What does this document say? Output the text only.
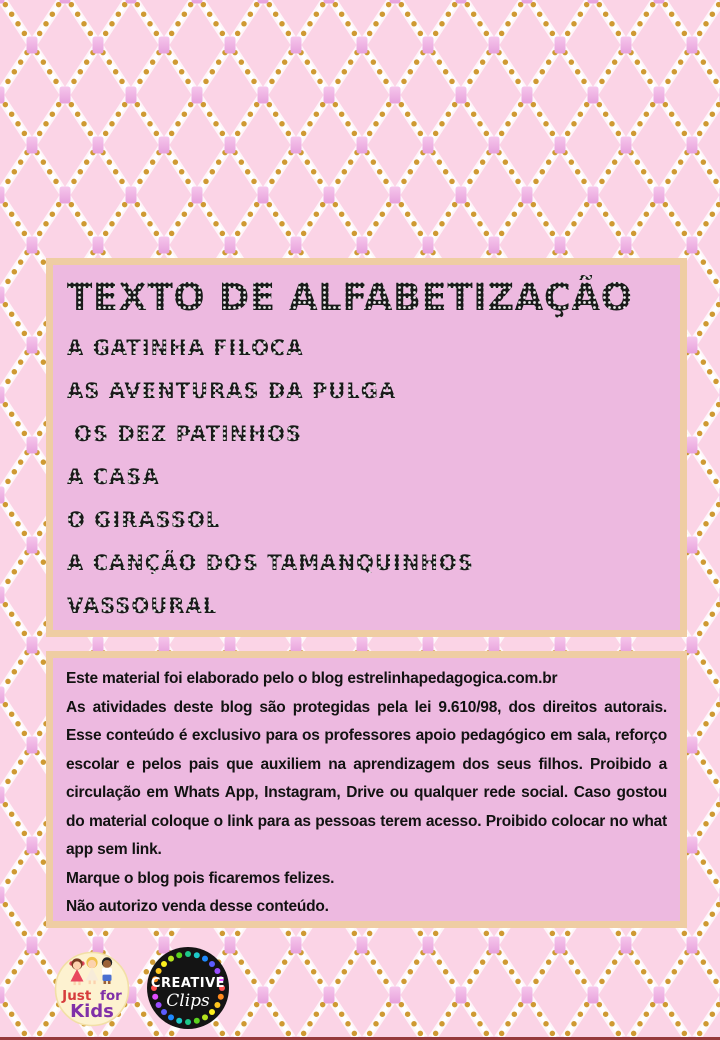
TEXTO DE ALFABETIZAÇÃO
A GATINHA FILOCA
AS AVENTURAS DA PULGA
OS DEZ PATINHOS
A CASA
O GIRASSOL
A CANÇÃO DOS TAMANQUINHOS
VASSOURAL

Este material foi elaborado pelo o blog estrelinhapedagogica.com.br

As atividades deste blog são protegidas pela lei 9.610/98, dos direitos autorais. Esse conteúdo é exclusivo para os professores apoio pedagógico em sala, reforço escolar e pelos pais que auxiliem na aprendizagem dos seus filhos. Proibido a circulação em Whats App, Instagram, Drive ou qualquer rede social. Caso gostou do material coloque o link para as pessoas terem acesso. Proibido colocar no what app sem link.

Marque o blog pois ficaremos felizes.

Não autorizo venda desse conteúdo.

Just for
Kids
CREATIVE
Clips
